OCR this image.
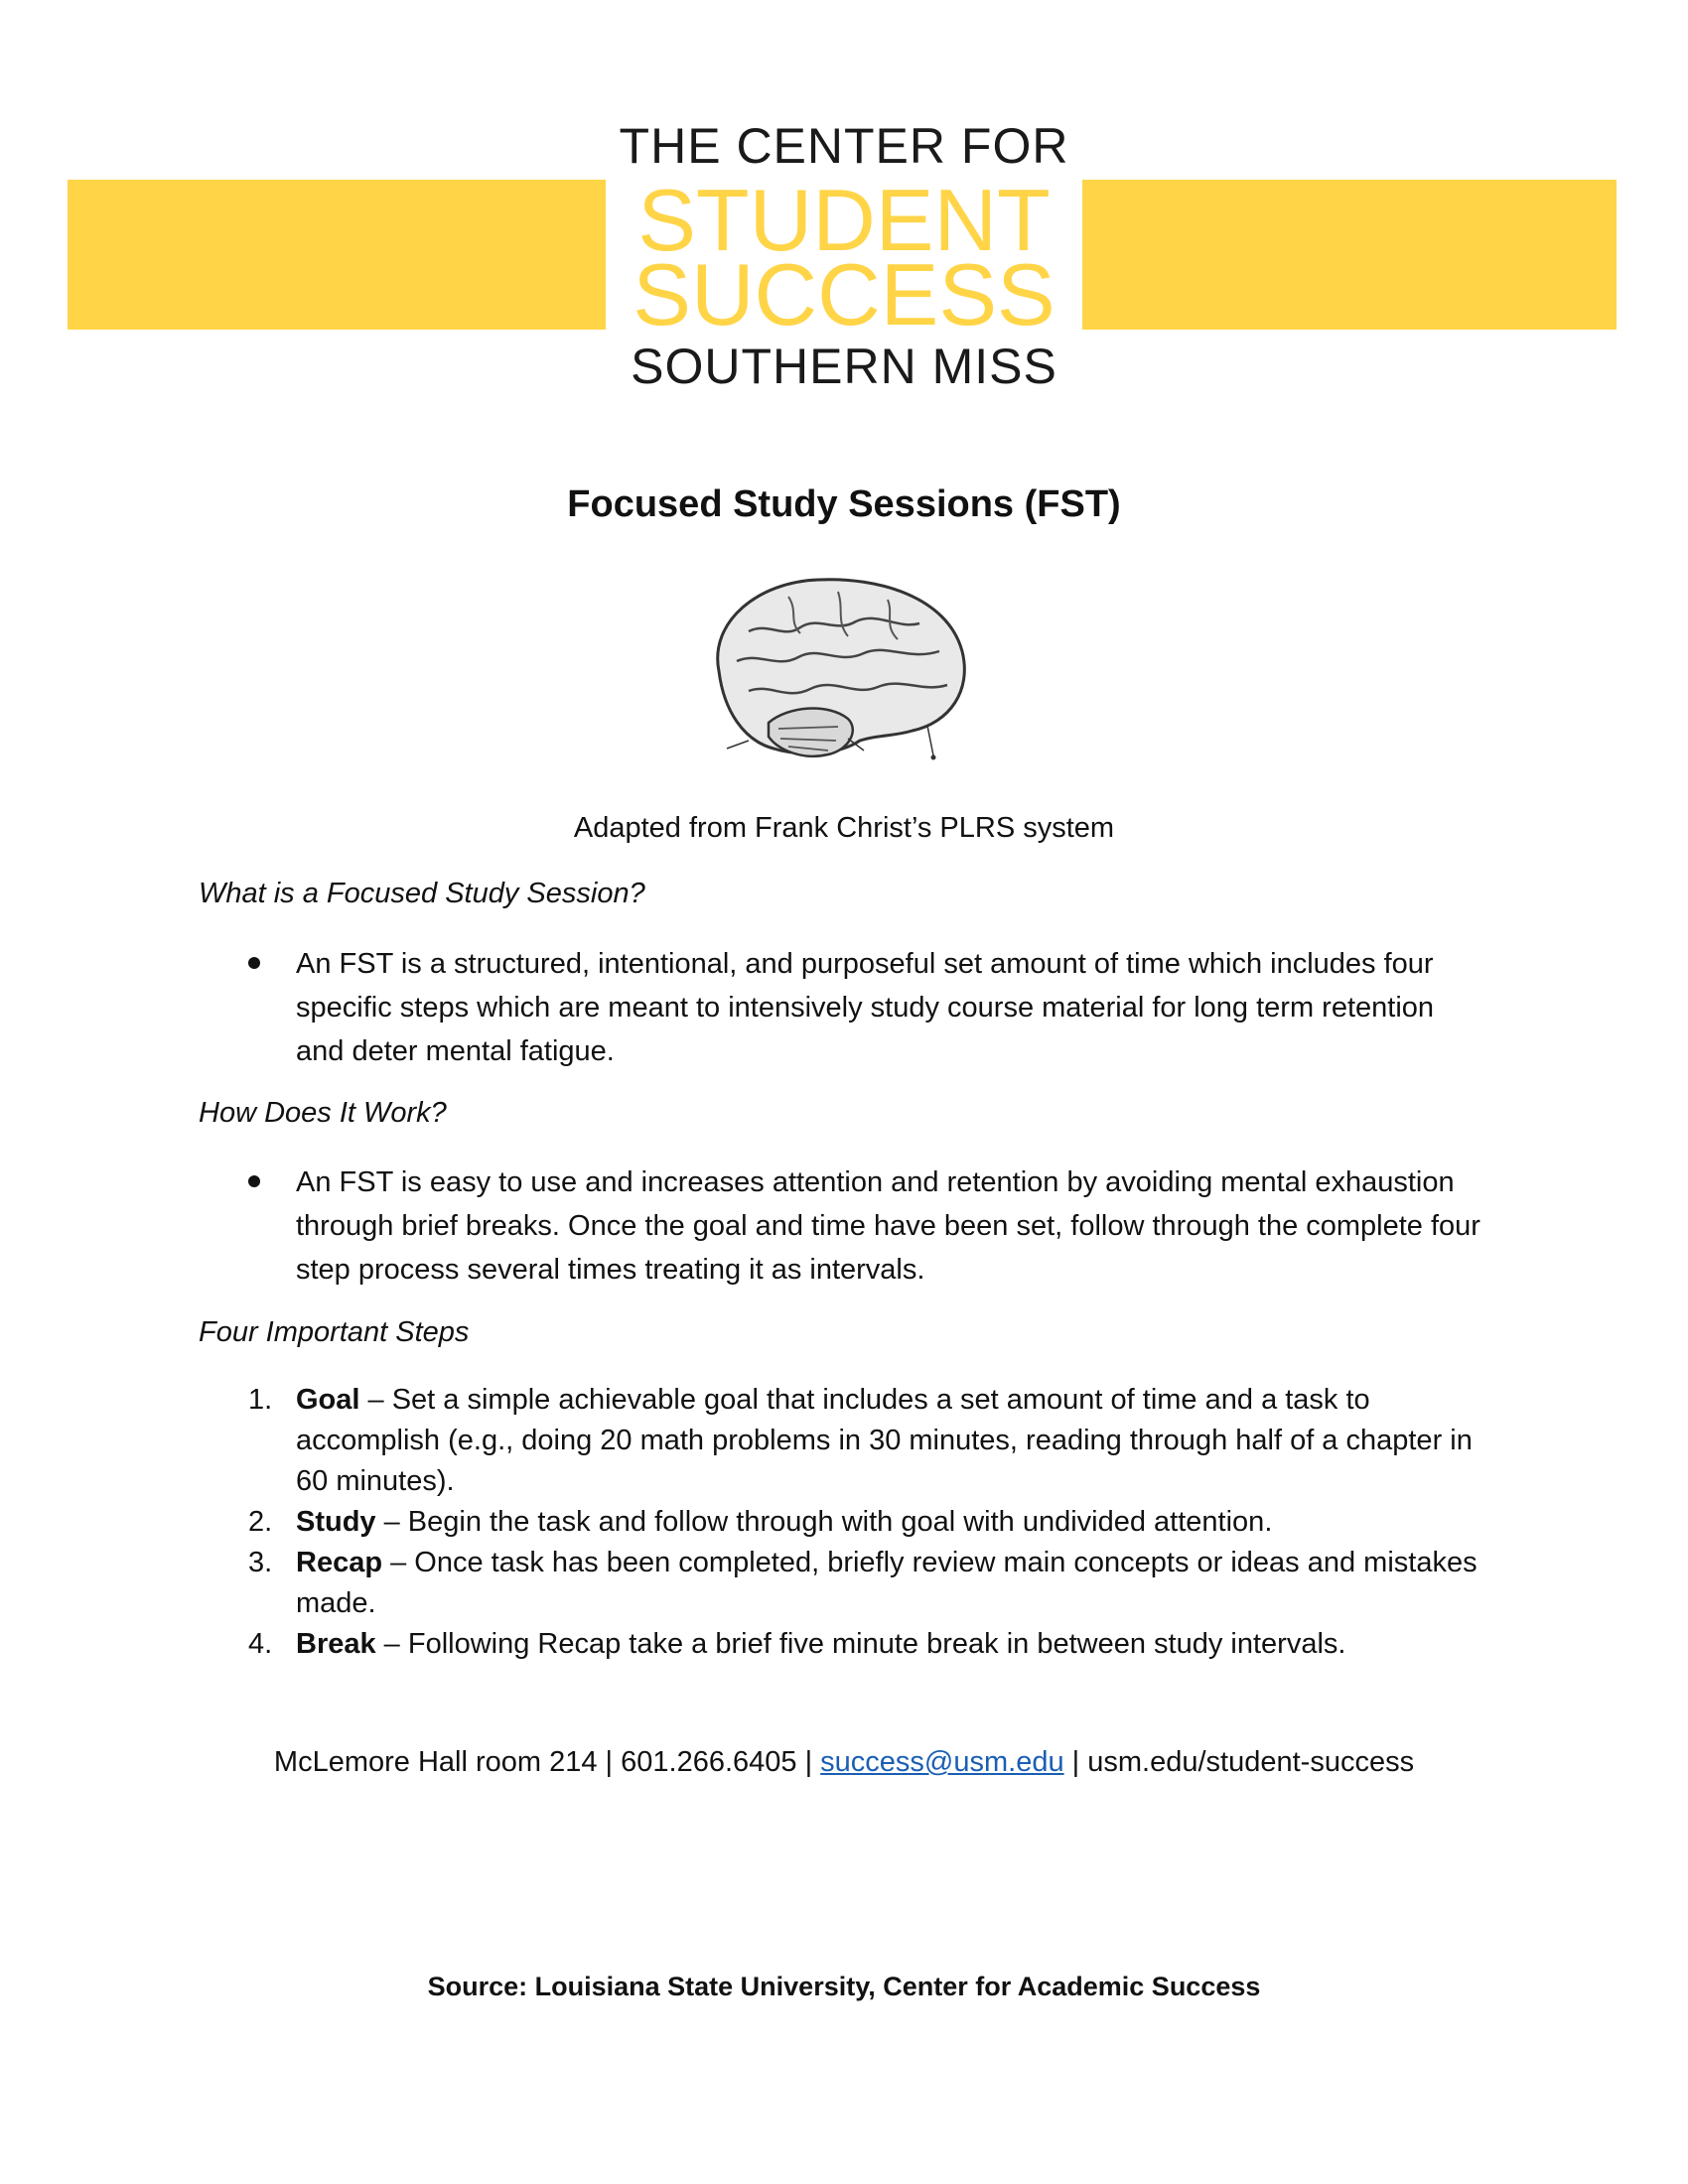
THE CENTER FOR
STUDENT
SUCCESS
SOUTHERN MISS
Focused Study Sessions (FST)
Adapted from Frank Christ’s PLRS system
What is a Focused Study Session?
An FST is a structured, intentional, and purposeful set amount of time which includes four specific steps which are meant to intensively study course material for long term retention and deter mental fatigue.
How Does It Work?
An FST is easy to use and increases attention and retention by avoiding mental exhaustion through brief breaks. Once the goal and time have been set, follow through the complete four step process several times treating it as intervals.
Four Important Steps
1. Goal – Set a simple achievable goal that includes a set amount of time and a task to accomplish (e.g., doing 20 math problems in 30 minutes, reading through half of a chapter in 60 minutes).
2. Study – Begin the task and follow through with goal with undivided attention.
3. Recap – Once task has been completed, briefly review main concepts or ideas and mistakes made.
4. Break – Following Recap take a brief five minute break in between study intervals.
McLemore Hall room 214 | 601.266.6405 | success@usm.edu | usm.edu/student-success
Source: Louisiana State University, Center for Academic Success
